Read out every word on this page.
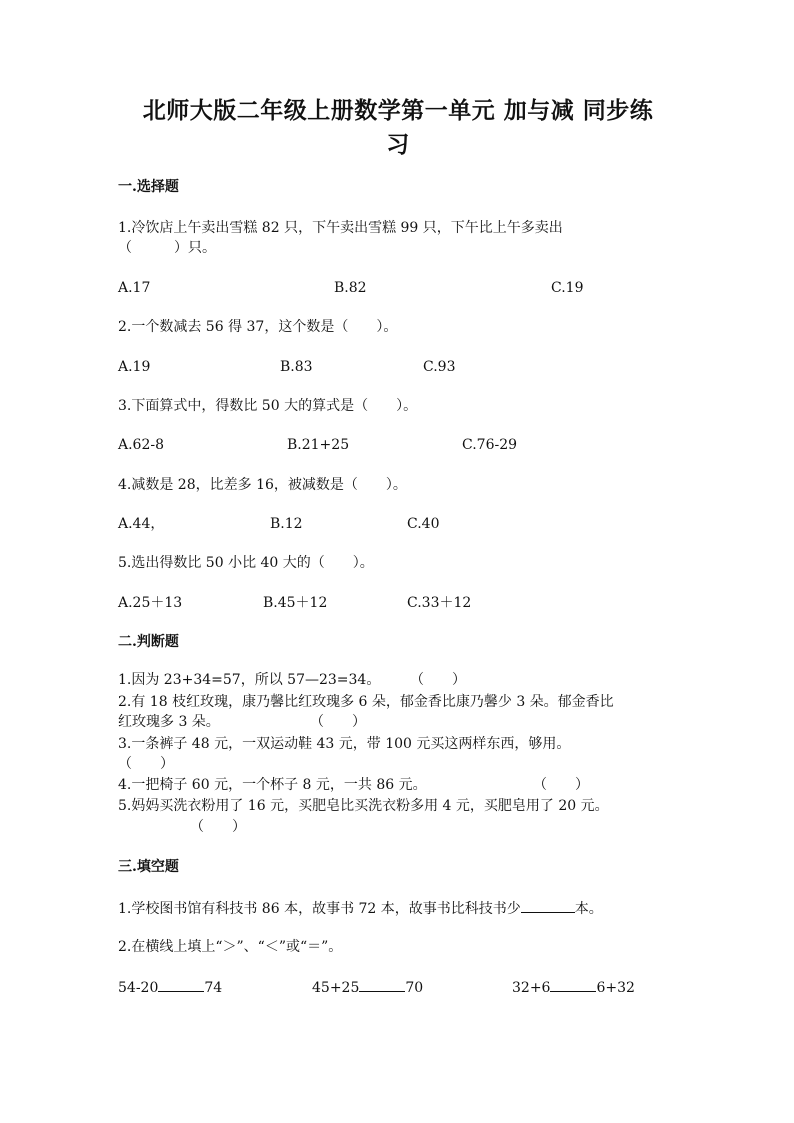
北师大版二年级上册数学第一单元 加与减 同步练
习
一.选择题
1.冷饮店上午卖出雪糕 82 只，下午卖出雪糕 99 只，下午比上午多卖出
（　　　）只。
A.17	B.82	C.19
2.一个数减去 56 得 37，这个数是（　　）。
A.19	B.83	C.93
3.下面算式中，得数比 50 大的算式是（　　）。
A.62-8	B.21+25	C.76-29
4.减数是 28，比差多 16，被减数是（　　）。
A.44，	B.12	C.40
5.选出得数比 50 小比 40 大的（　　）。
A.25＋13	B.45＋12	C.33＋12
二.判断题
1.因为 23+34=57，所以 57—23=34。 （　　）
2.有 18 枝红玫瑰，康乃馨比红玫瑰多 6 朵，郁金香比康乃馨少 3 朵。郁金香比
红玫瑰多 3 朵。	（　　）
3.一条裤子 48 元，一双运动鞋 43 元，带 100 元买这两样东西，够用。
（　　）
4.一把椅子 60 元，一个杯子 8 元，一共 86 元。	（　　）
5.妈妈买洗衣粉用了 16 元，买肥皂比买洗衣粉多用 4 元，买肥皂用了 20 元。
（　　）
三.填空题
1.学校图书馆有科技书 86 本，故事书 72 本，故事书比科技书少	本。
2.在横线上填上“＞”、“＜”或“＝”。
54-20	74	45+25	70	32+6	6+32
